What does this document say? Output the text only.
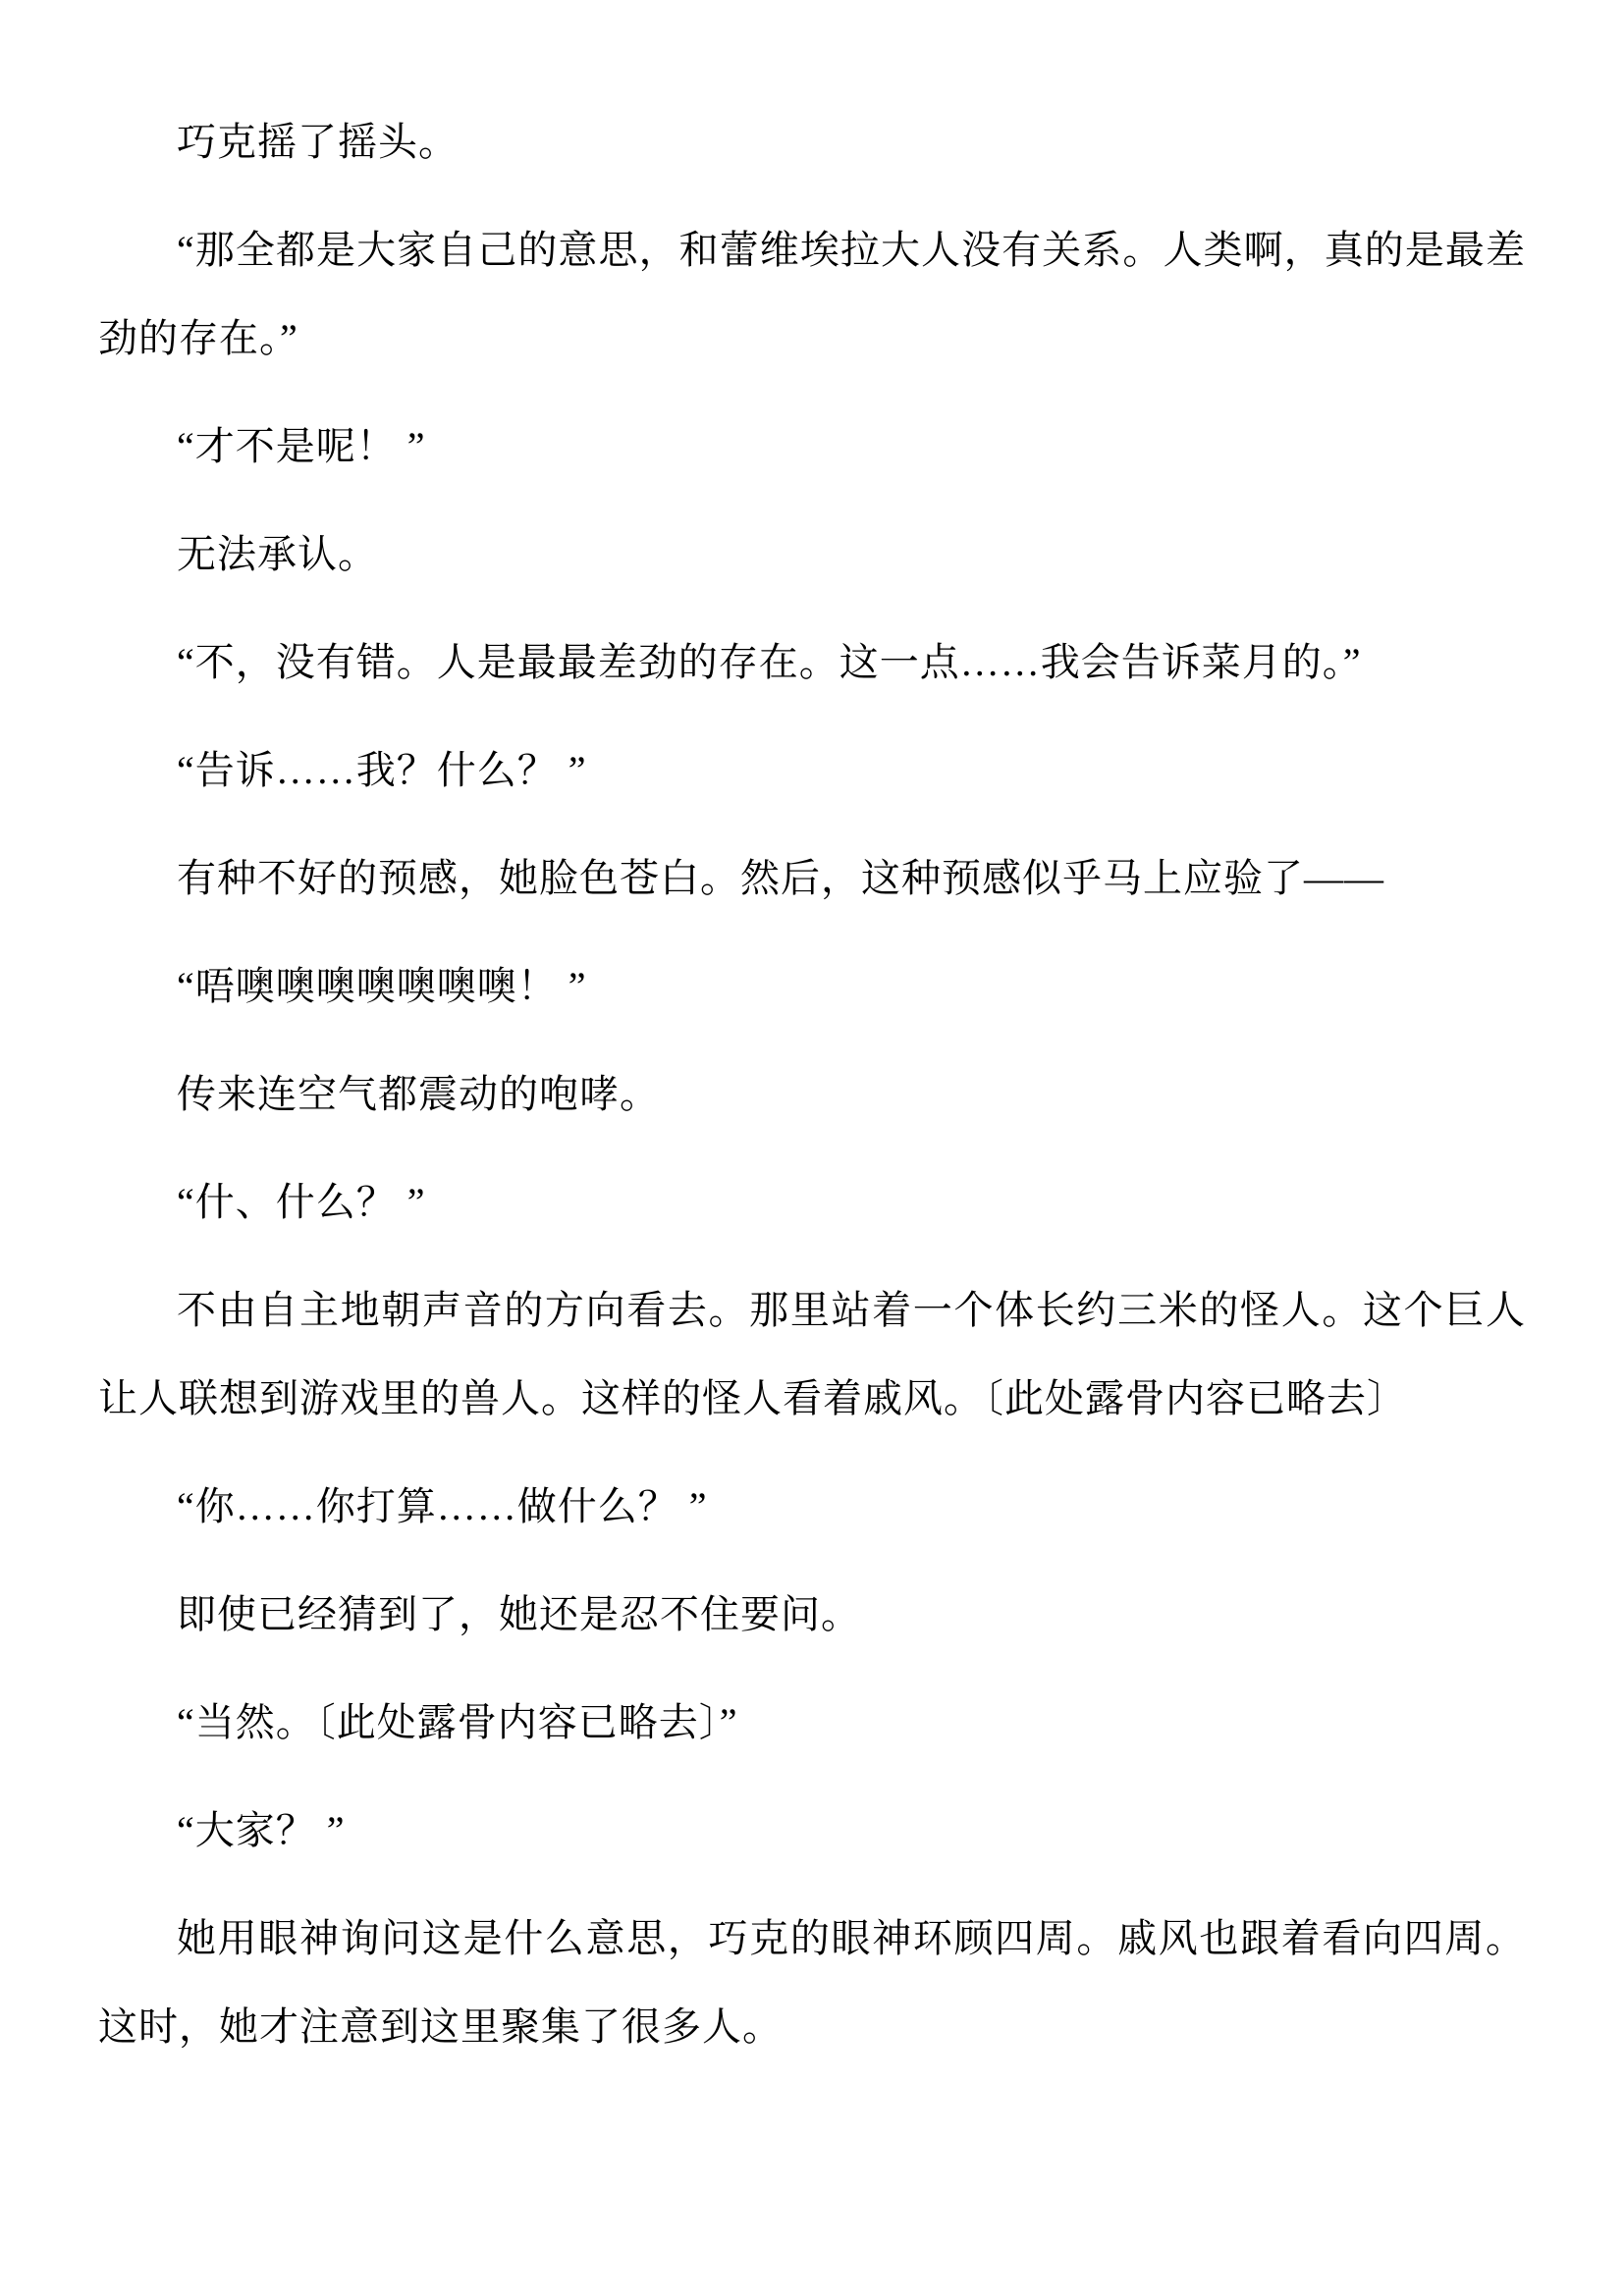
巧克摇了摇头。

“那全都是大家自己的意思，和蕾维埃拉大人没有关系。人类啊，真的是最差劲的存在。”

“才不是呢！ ”

无法承认。

“不，没有错。人是最最差劲的存在。这一点……我会告诉菜月的。”

“告诉……我？什么？ ”

有种不好的预感，她脸色苍白。然后，这种预感似乎马上应验了——

“唔噢噢噢噢噢噢噢！ ”

传来连空气都震动的咆哮。

“什、什么？ ”

不由自主地朝声音的方向看去。那里站着一个体长约三米的怪人。这个巨人让人联想到游戏里的兽人。这样的怪人看着戚风。〔此处露骨内容已略去〕

“你……你打算……做什么？ ”

即使已经猜到了，她还是忍不住要问。

“当然。〔此处露骨内容已略去〕”

“大家？ ”

她用眼神询问这是什么意思，巧克的眼神环顾四周。戚风也跟着看向四周。这时，她才注意到这里聚集了很多人。
